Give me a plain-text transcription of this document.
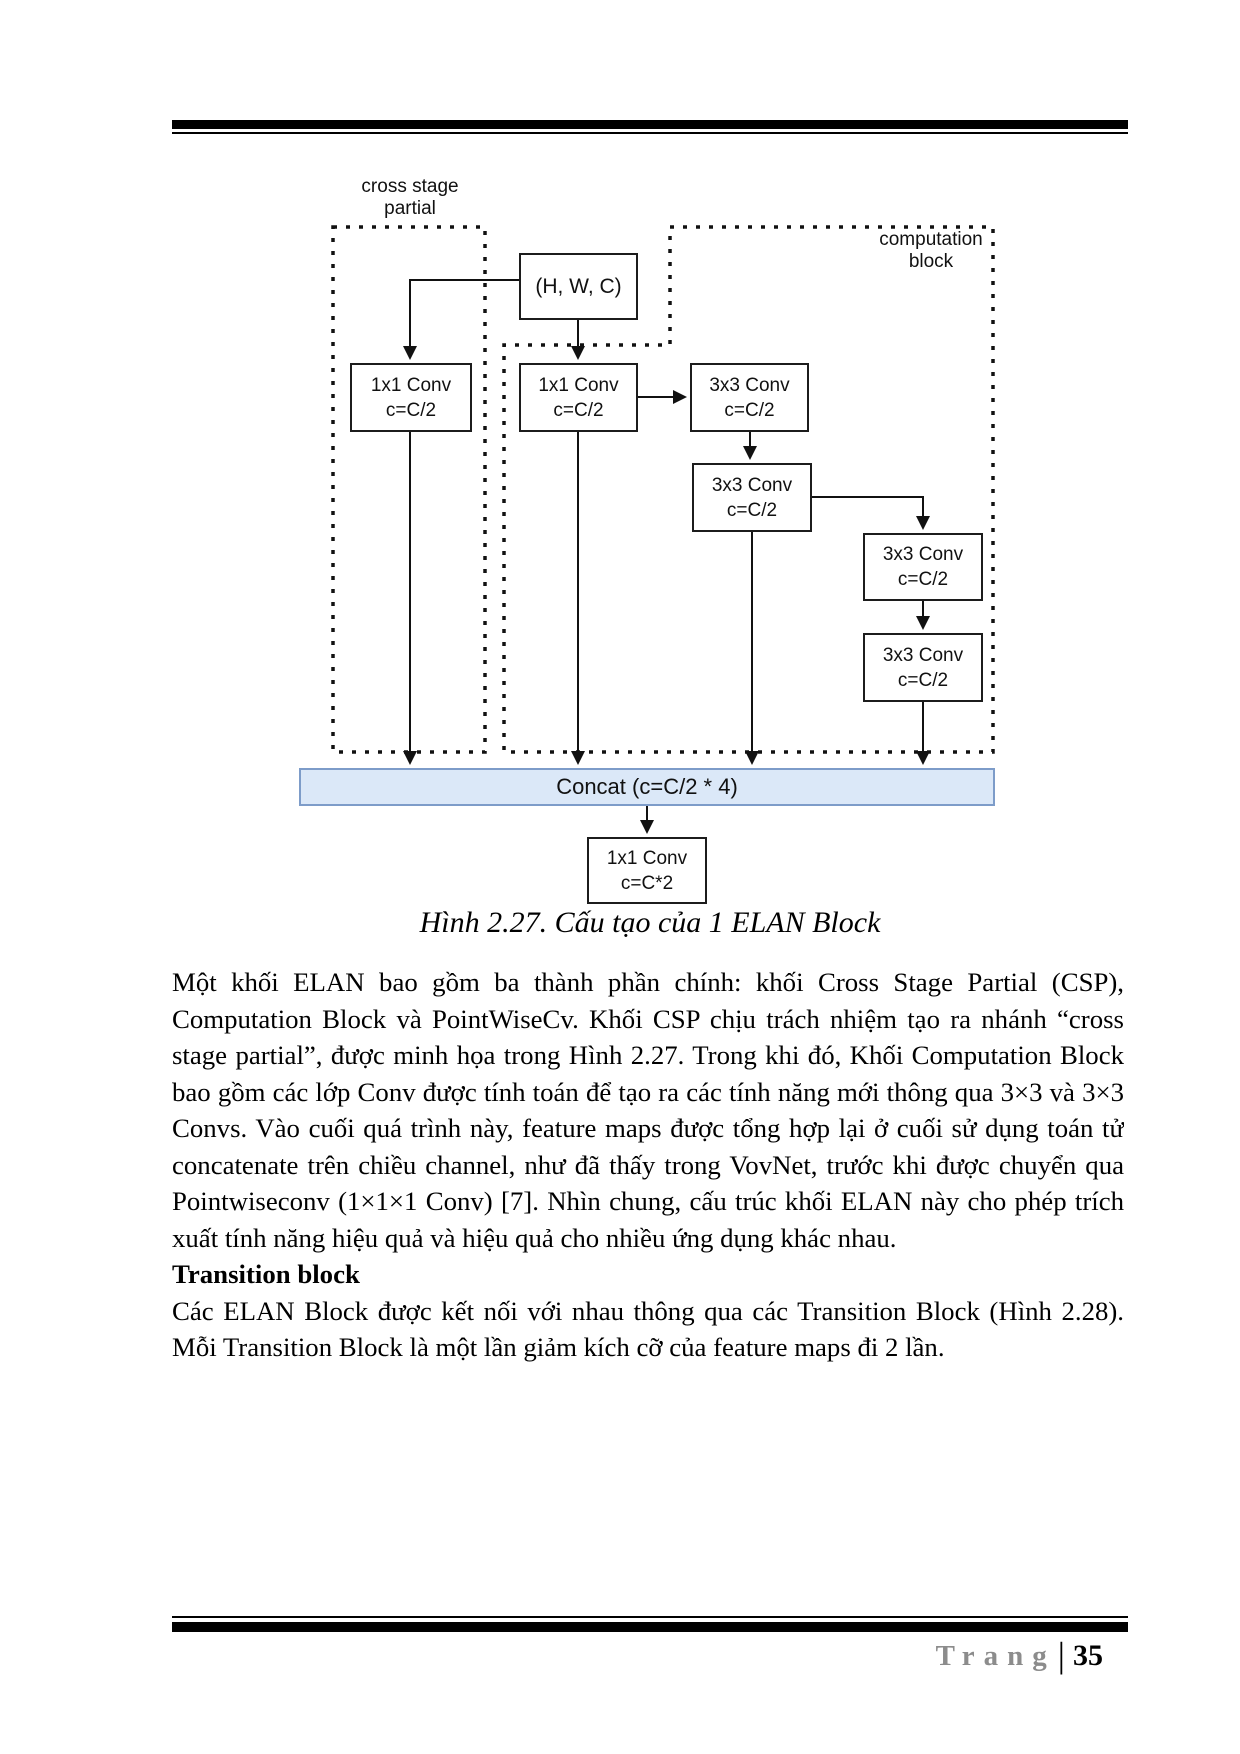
cross stage
partial
computation
block
(H, W, C)
1x1 Conv
c=C/2
1x1 Conv
c=C/2
3x3 Conv
c=C/2
3x3 Conv
c=C/2
3x3 Conv
c=C/2
3x3 Conv
c=C/2
Concat (c=C/2 * 4)
1x1 Conv
c=C*2
Hình 2.27. Cấu tạo của 1 ELAN Block
Một khối ELAN bao gồm ba thành phần chính: khối Cross Stage Partial (CSP),
Computation Block và PointWiseCv. Khối CSP chịu trách nhiệm tạo ra nhánh “cross
stage partial”, được minh họa trong Hình 2.27. Trong khi đó, Khối Computation Block
bao gồm các lớp Conv được tính toán để tạo ra các tính năng mới thông qua 3×3 và 3×3
Convs. Vào cuối quá trình này, feature maps được tổng hợp lại ở cuối sử dụng toán tử
concatenate trên chiều channel, như đã thấy trong VovNet, trước khi được chuyển qua
Pointwiseconv (1×1×1 Conv) [7]. Nhìn chung, cấu trúc khối ELAN này cho phép trích
xuất tính năng hiệu quả và hiệu quả cho nhiều ứng dụng khác nhau.
Transition block
Các ELAN Block được kết nối với nhau thông qua các Transition Block (Hình 2.28).
Mỗi Transition Block là một lần giảm kích cỡ của feature maps đi 2 lần.
Trang| 35
